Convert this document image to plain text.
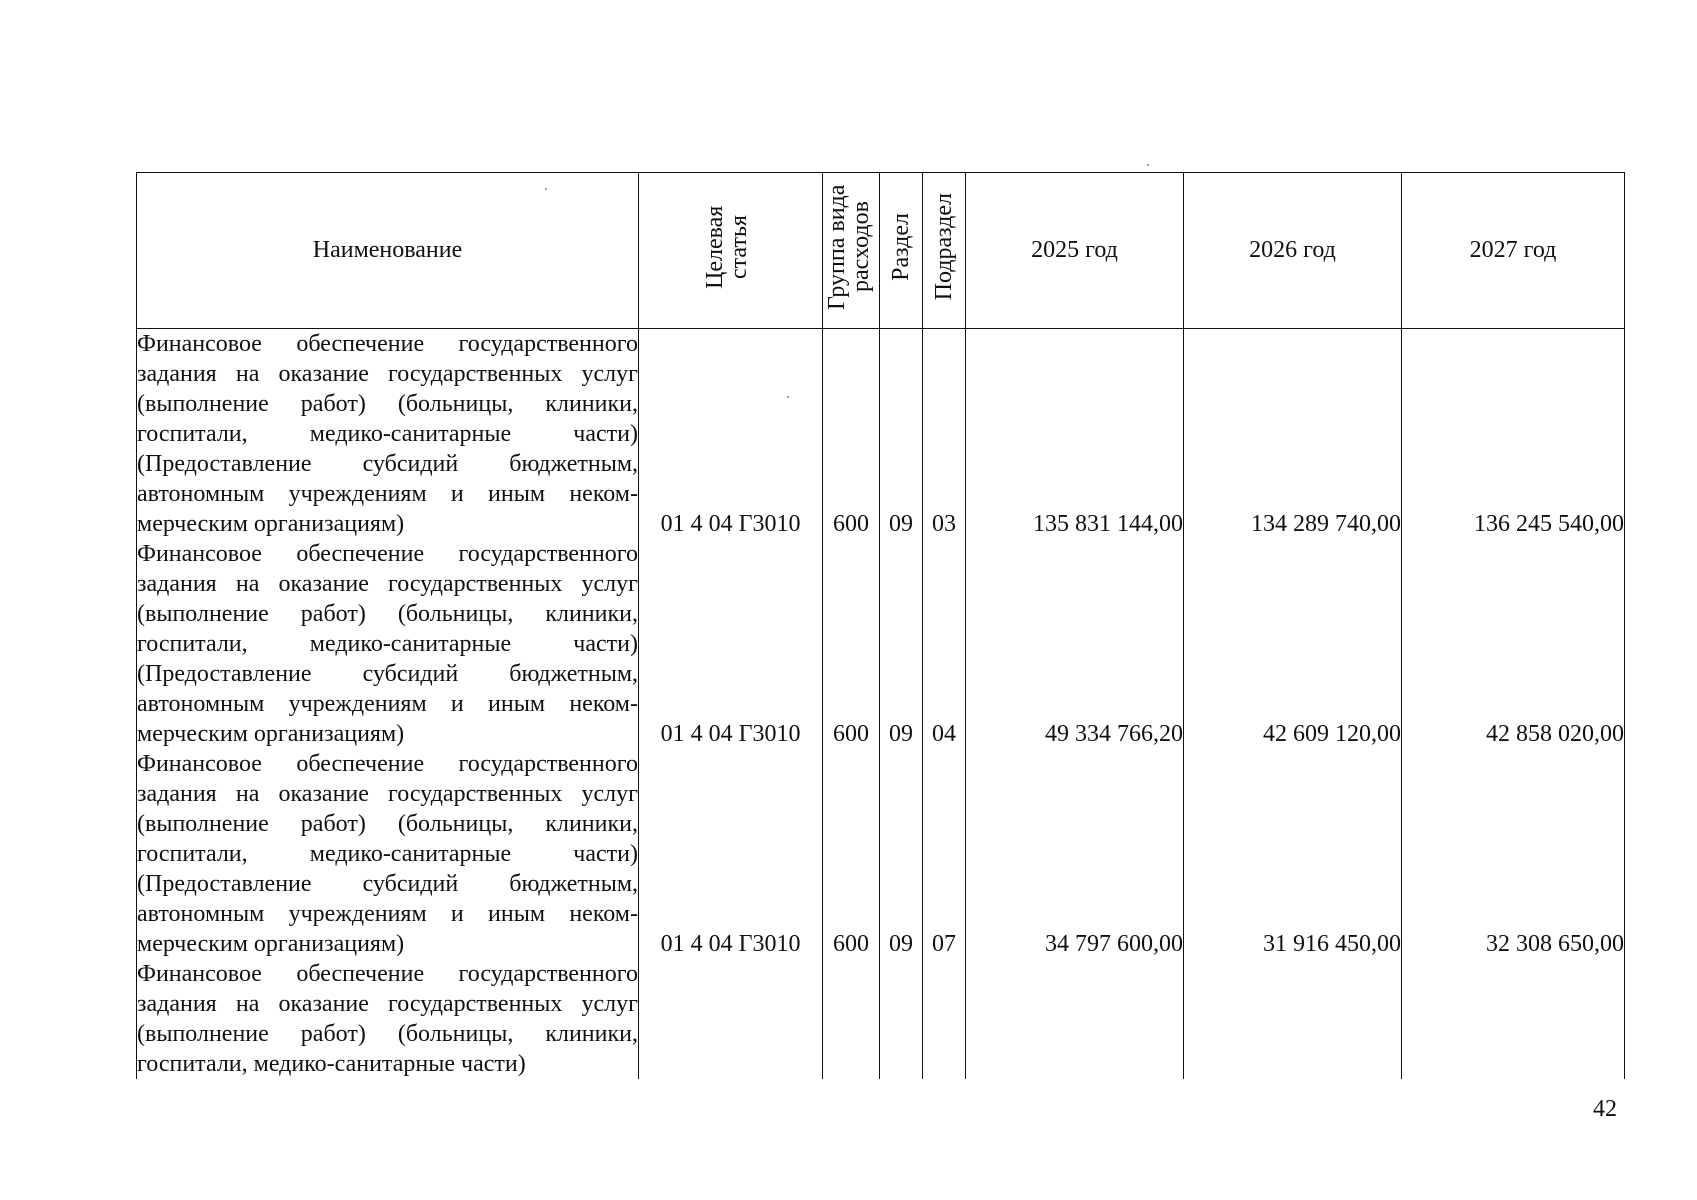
Наименование	Целевая статья	Группа вида расходов	Раздел	Подраздел	2025 год	2026 год	2027 год
Финансовое обеспечение государственного задания на оказание государственных услуг (выполнение работ) (больницы, клиники, госпитали, медико-санитарные части) (Предоставление субсидий бюджетным, автономным учреждениям и иным некоммерческим организациям)	01 4 04 Г3010	600	09	03	135 831 144,00	134 289 740,00	136 245 540,00
Финансовое обеспечение государственного задания на оказание государственных услуг (выполнение работ) (больницы, клиники, госпитали, медико-санитарные части) (Предоставление субсидий бюджетным, автономным учреждениям и иным некоммерческим организациям)	01 4 04 Г3010	600	09	04	49 334 766,20	42 609 120,00	42 858 020,00
Финансовое обеспечение государственного задания на оказание государственных услуг (выполнение работ) (больницы, клиники, госпитали, медико-санитарные части) (Предоставление субсидий бюджетным, автономным учреждениям и иным некоммерческим организациям)	01 4 04 Г3010	600	09	07	34 797 600,00	31 916 450,00	32 308 650,00
Финансовое обеспечение государственного задания на оказание государственных услуг (выполнение работ) (больницы, клиники, госпитали, медико-санитарные части)							
42
